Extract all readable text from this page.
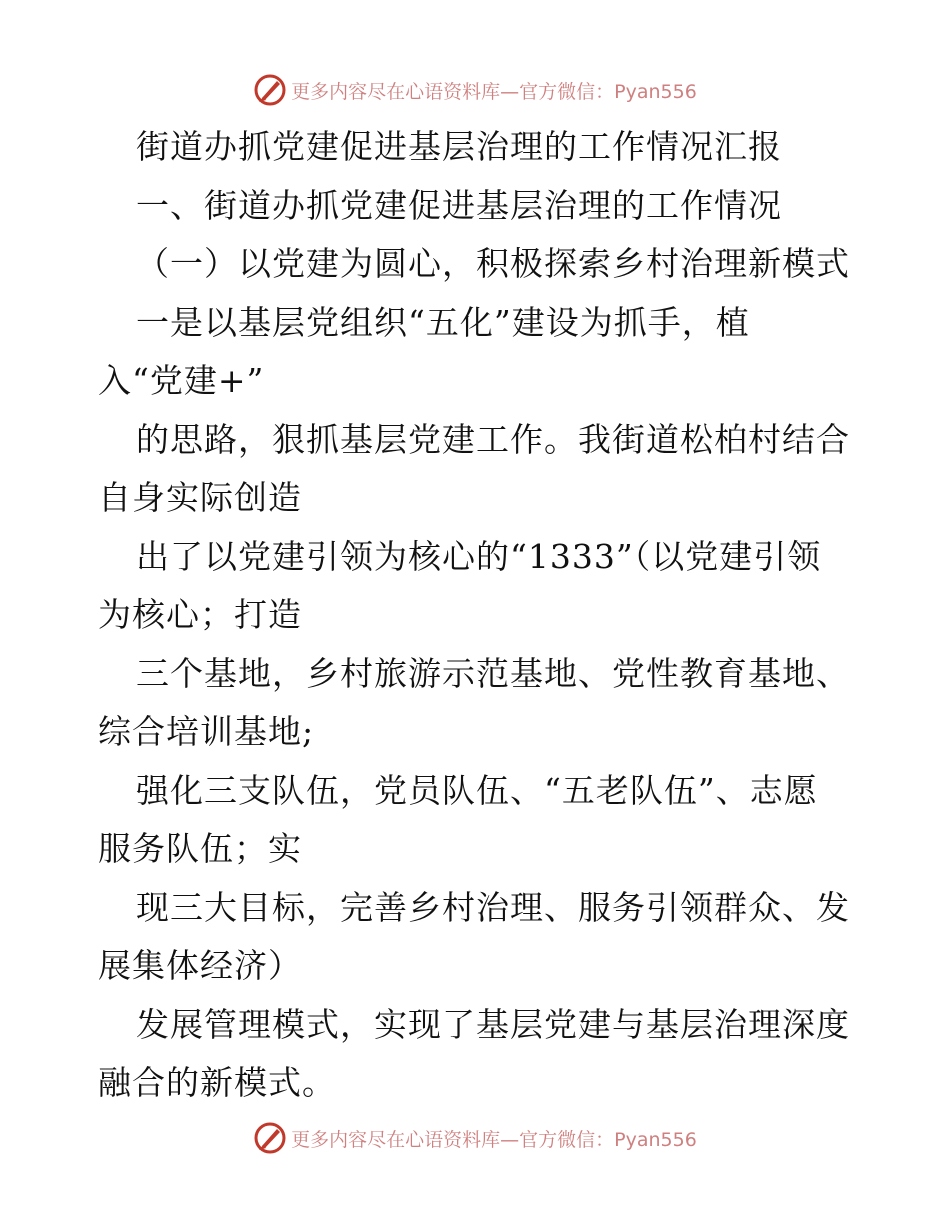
更多内容尽在心语资料库—官方微信：Pyan556
街道办抓党建促进基层治理的工作情况汇报
一、街道办抓党建促进基层治理的工作情况
（一）以党建为圆心，积极探索乡村治理新模式
一是以基层党组织“五化”建设为抓手，植
入“党建+”
的思路，狠抓基层党建工作。我街道松柏村结合
自身实际创造
出了以党建引领为核心的“1333”（以党建引领
为核心；打造
三个基地，乡村旅游示范基地、党性教育基地、
综合培训基地;
强化三支队伍，党员队伍、“五老队伍”、志愿
服务队伍；实
现三大目标，完善乡村治理、服务引领群众、发
展集体经济）
发展管理模式，实现了基层党建与基层治理深度
融合的新模式。
更多内容尽在心语资料库—官方微信：Pyan556
